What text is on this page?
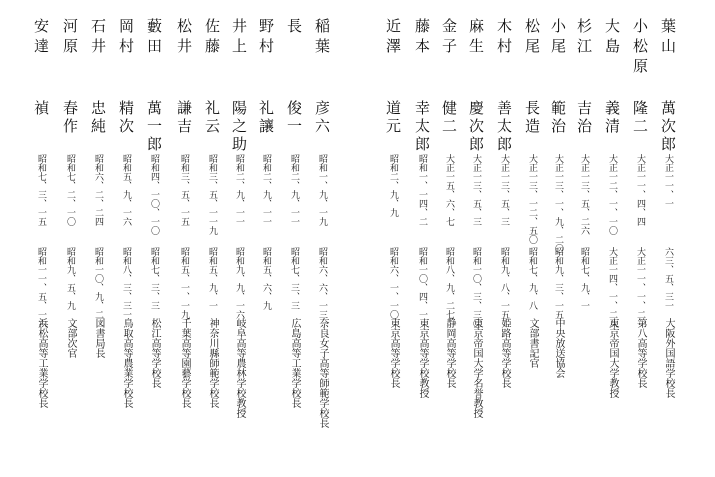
葉山
萬次郎
大正一一、一
六三、五、三一
大阪外国語学校長
小松原
隆二
大正一一、四、四
大正一一、一、二一
第八高等学校長
大島
義清
大正一二、一、一〇
大正一四、一、二八
東京帝国大学教授
杉江
吉治
大正一三、五、二六
昭和七、九、一
小尾
範治
大正一三、一、九、二〇
昭和九、三、一五
中央放送協会
松尾
長造
大正一三、一二、五〇
昭和七、九、八
文部書記官
木村
善太郎
大正一三、五、三
昭和九、八、一五
姫路高等学校長
麻生
慶次郎
大正一三、五、三
昭和一〇、三、三〇
東京帝国大学名誉教授
金子
健二
大正一五、六、七
昭和八、九、二七
静岡高等学校長
藤本
幸太郎
昭和一、一四、二
昭和一〇、四、一
東京高等学校教授
近澤
道元
昭和二、九、九
昭和六、一、一〇
東京高等学校長
稲葉
彦六
昭和一、九、一九
昭和六、六、一三
奈良女子高等師範学校長
長
俊一
昭和二、九、一一
昭和七、三、三
広島高等工業学校長
野村
礼讓
昭和二、九、一一
昭和五、六、九
井上
陽之助
昭和二、九、一一
昭和九、九、一六
岐阜高等農林学校教授
佐藤
礼云
昭和三、五、一一九
昭和五、九、一
神奈川縣師範学校長
松井
謙吉
昭和三、五、一五
昭和五、一、一九
千葉高等園藝学校長
藪田
萬一郎
昭和四、一〇、一〇
昭和七、三、三
松江高等学校長
岡村
精次
昭和五、九、一六
昭和八、三、三一
鳥取高等農業学校長
石井
忠純
昭和六、二、二四
昭和一〇、九、二
図書局長
河原
春作
昭和七、二、一〇
昭和九、五、九
文部次官
安達
禎
昭和七、三、一五
昭和一一、五、一六
浜松高等工業学校長
